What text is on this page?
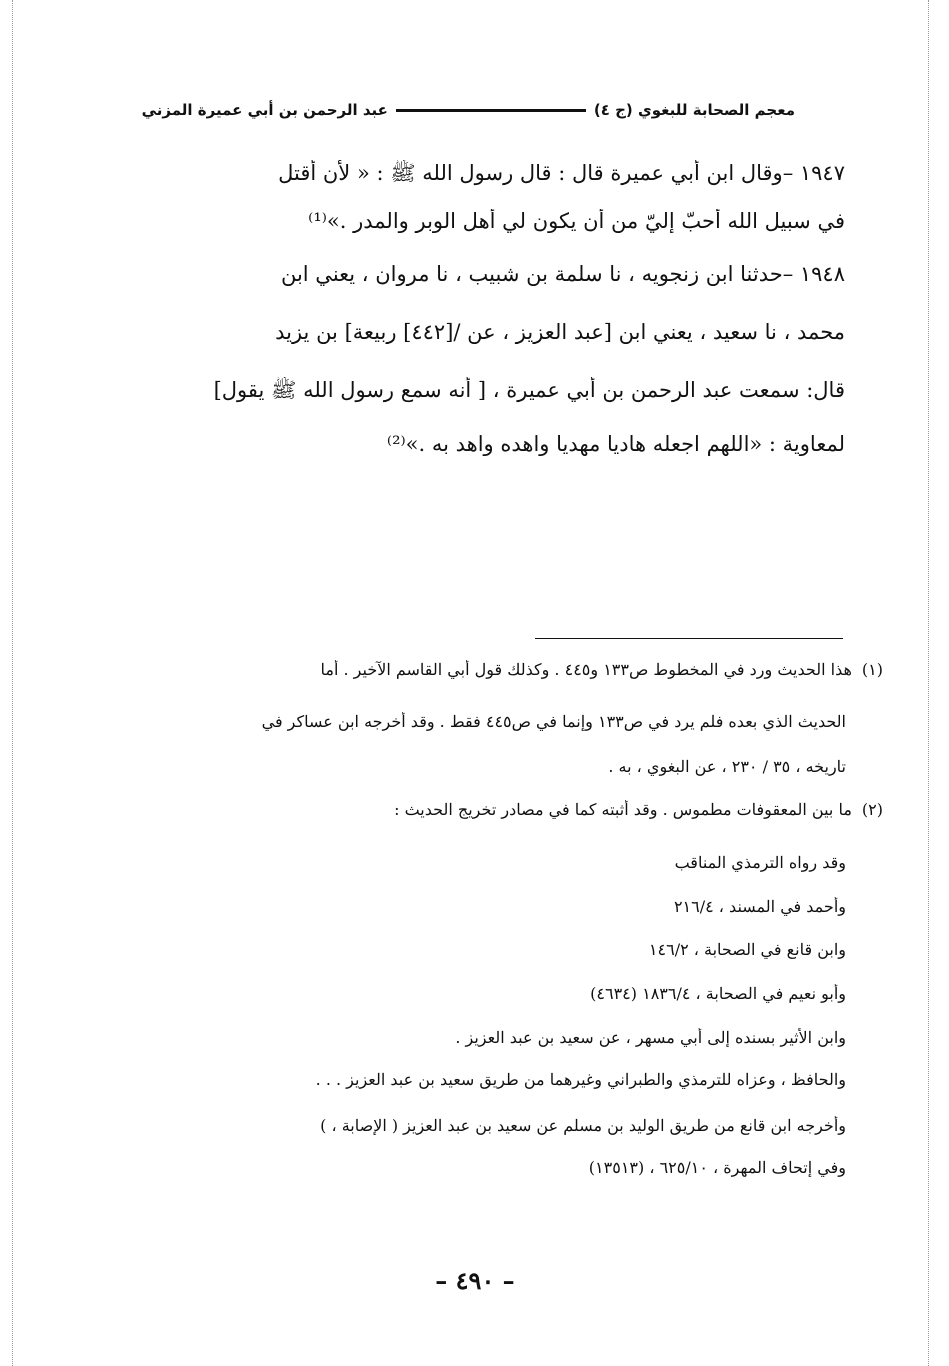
معجم الصحابة للبغوي (ج ٤)
عبد الرحمن بن أبي عميرة المزني
١٩٤٧ –وقال ابن أبي عميرة قال : قال رسول الله ﷺ : « لأن أُقتل
في سبيل الله أحبّ إليّ من أن يكون لي أهل الوبر والمدر .»⁽¹⁾
١٩٤٨ –حدثنا ابن زنجويه ، نا سلمة بن شبيب ، نا مروان ، يعني ابن
محمد ، نا سعيد ، يعني ابن [عبد العزيز ، عن /[٤٤٢] ربيعة] بن يزيد
قال: سمعت عبد الرحمن بن أبي عميرة ، [ أنه سمع رسول الله ﷺ يقول]
لمعاوية : «اللهم اجعله هاديا مهديا واهده واهد به .»⁽²⁾
(١)هذا الحديث ورد في المخطوط ص١٣٣ و٤٤٥ . وكذلك قول أبي القاسم الآخير . أما
الحديث الذي بعده فلم يرد في ص١٣٣ وإنما في ص٤٤٥ فقط . وقد أخرجه ابن عساكر في
تاريخه ، ٣٥ / ٢٣٠ ، عن البغوي ، به .
(٢)ما بين المعقوفات مطموس . وقد أثبته كما في مصادر تخريج الحديث :
وقد رواه الترمذي المناقب
وأحمد في المسند ، ٢١٦/٤
وابن قانع في الصحابة ، ١٤٦/٢
وأبو نعيم في الصحابة ، ١٨٣٦/٤ (٤٦٣٤)
وابن الأثير بسنده إلى أبي مسهر ، عن سعيد بن عبد العزيز .
والحافظ ، وعزاه للترمذي والطبراني وغيرهما من طريق سعيد بن عبد العزيز . . .
وأخرجه ابن قانع من طريق الوليد بن مسلم عن سعيد بن عبد العزيز ( الإصابة ، )
وفي إتحاف المهرة ، ٦٢٥/١٠ ، (١٣٥١٣)
– ٤٩٠ –
